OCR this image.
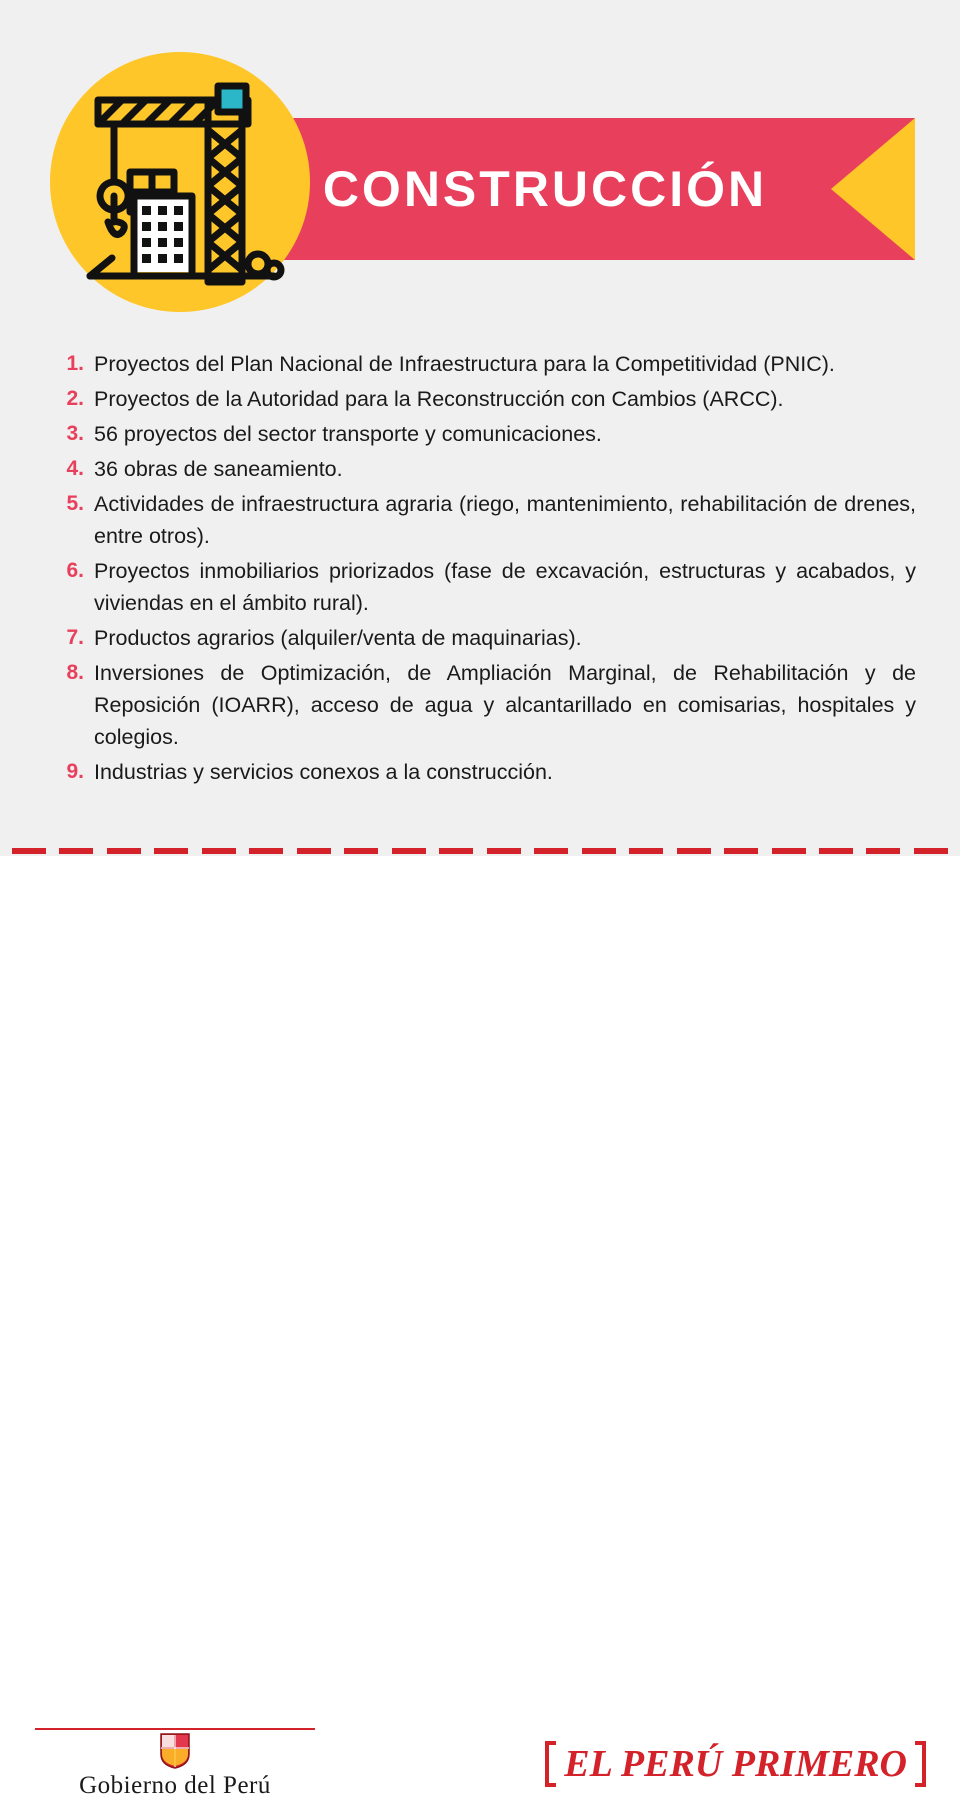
CONSTRUCCIÓN
1. Proyectos del Plan Nacional de Infraestructura para la Competitividad (PNIC).
2. Proyectos de la Autoridad para la Reconstrucción con Cambios (ARCC).
3. 56 proyectos del sector transporte y comunicaciones.
4. 36 obras de saneamiento.
5. Actividades de infraestructura agraria (riego, mantenimiento, rehabilitación de drenes, entre otros).
6. Proyectos inmobiliarios priorizados (fase de excavación, estructuras y acabados, y viviendas en el ámbito rural).
7. Productos agrarios (alquiler/venta de maquinarias).
8. Inversiones de Optimización, de Ampliación Marginal, de Rehabilitación y de Reposición (IOARR), acceso de agua y alcantarillado en comisarias, hospitales y colegios.
9. Industrias y servicios conexos a la construcción.
Gobierno del Perú
EL PERÚ PRIMERO
